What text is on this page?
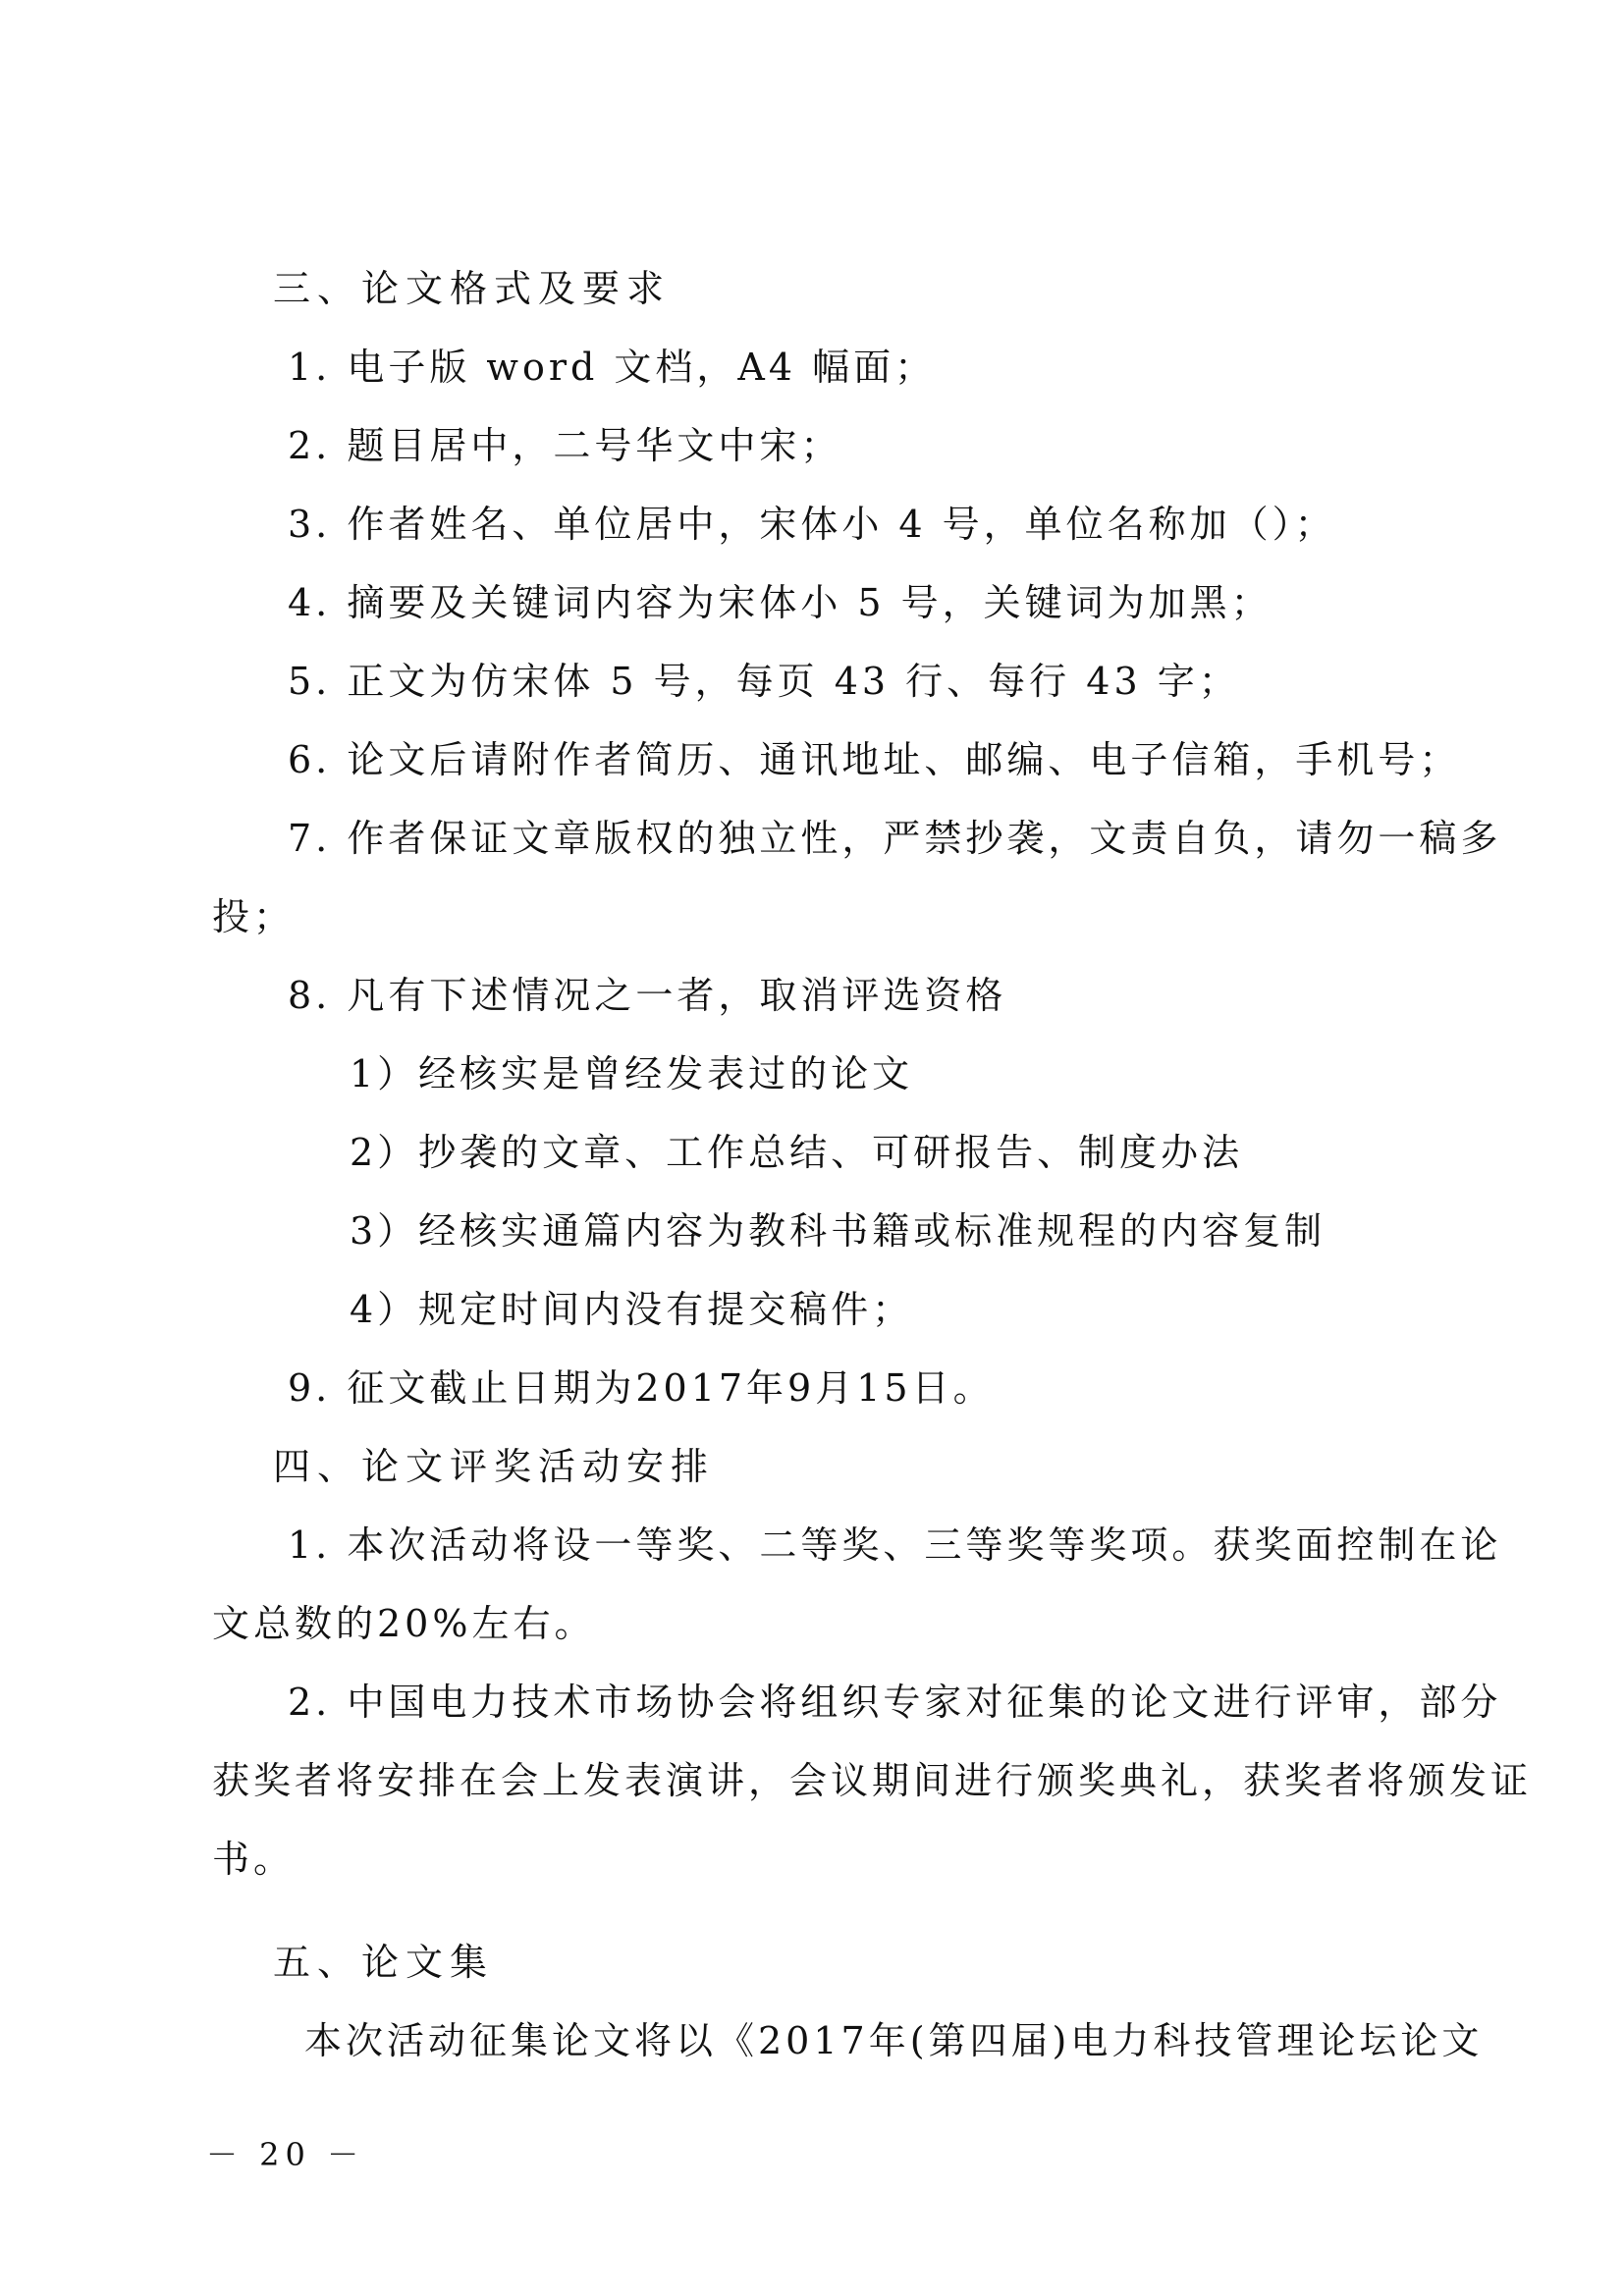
三、论文格式及要求
1. 电子版 word 文档，A4 幅面；
2. 题目居中，二号华文中宋；
3. 作者姓名、单位居中，宋体小 4 号，单位名称加（）；
4. 摘要及关键词内容为宋体小 5 号，关键词为加黑；
5. 正文为仿宋体 5 号，每页 43 行、每行 43 字；
6. 论文后请附作者简历、通讯地址、邮编、电子信箱，手机号；
7. 作者保证文章版权的独立性，严禁抄袭，文责自负，请勿一稿多
投；
8. 凡有下述情况之一者，取消评选资格
1）经核实是曾经发表过的论文
2）抄袭的文章、工作总结、可研报告、制度办法
3）经核实通篇内容为教科书籍或标准规程的内容复制
4）规定时间内没有提交稿件；
9. 征文截止日期为2017年9月15日。
四、论文评奖活动安排
1. 本次活动将设一等奖、二等奖、三等奖等奖项。获奖面控制在论
文总数的20%左右。
2. 中国电力技术市场协会将组织专家对征集的论文进行评审，部分
获奖者将安排在会上发表演讲，会议期间进行颁奖典礼，获奖者将颁发证
书。
五、论文集
本次活动征集论文将以《2017年(第四届)电力科技管理论坛论文
－ 20 －
